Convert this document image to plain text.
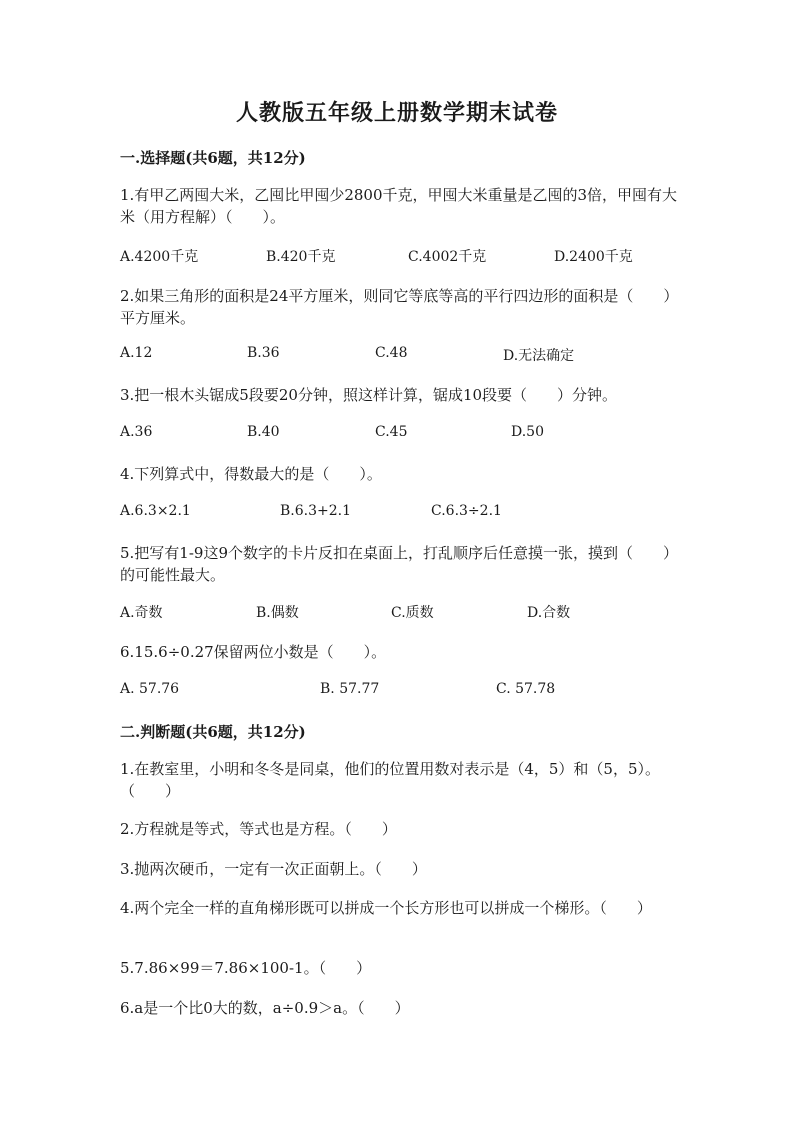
人教版五年级上册数学期末试卷
一.选择题(共6题，共12分)
1.有甲乙两囤大米，乙囤比甲囤少2800千克，甲囤大米重量是乙囤的3倍，甲囤有大米（用方程解）（　　）。
A.4200千克	B.420千克	C.4002千克	D.2400千克
2.如果三角形的面积是24平方厘米，则同它等底等高的平行四边形的面积是（　　）平方厘米。
A.12	B.36	C.48	D.无法确定
3.把一根木头锯成5段要20分钟，照这样计算，锯成10段要（　　）分钟。
A.36	B.40	C.45	D.50
4.下列算式中，得数最大的是（　　）。
A.6.3×2.1	B.6.3+2.1	C.6.3÷2.1
5.把写有1-9这9个数字的卡片反扣在桌面上，打乱顺序后任意摸一张，摸到（　　）的可能性最大。
A.奇数	B.偶数	C.质数	D.合数
6.15.6÷0.27保留两位小数是（　　）。
A. 57.76	B. 57.77	C. 57.78
二.判断题(共6题，共12分)
1.在教室里，小明和冬冬是同桌，他们的位置用数对表示是（4，5）和（5，5）。（　　）
2.方程就是等式，等式也是方程。（　　）
3.抛两次硬币，一定有一次正面朝上。（　　）
4.两个完全一样的直角梯形既可以拼成一个长方形也可以拼成一个梯形。（　　）
5.7.86×99＝7.86×100-1。（　　）
6.a是一个比0大的数，a÷0.9＞a。（　　）
